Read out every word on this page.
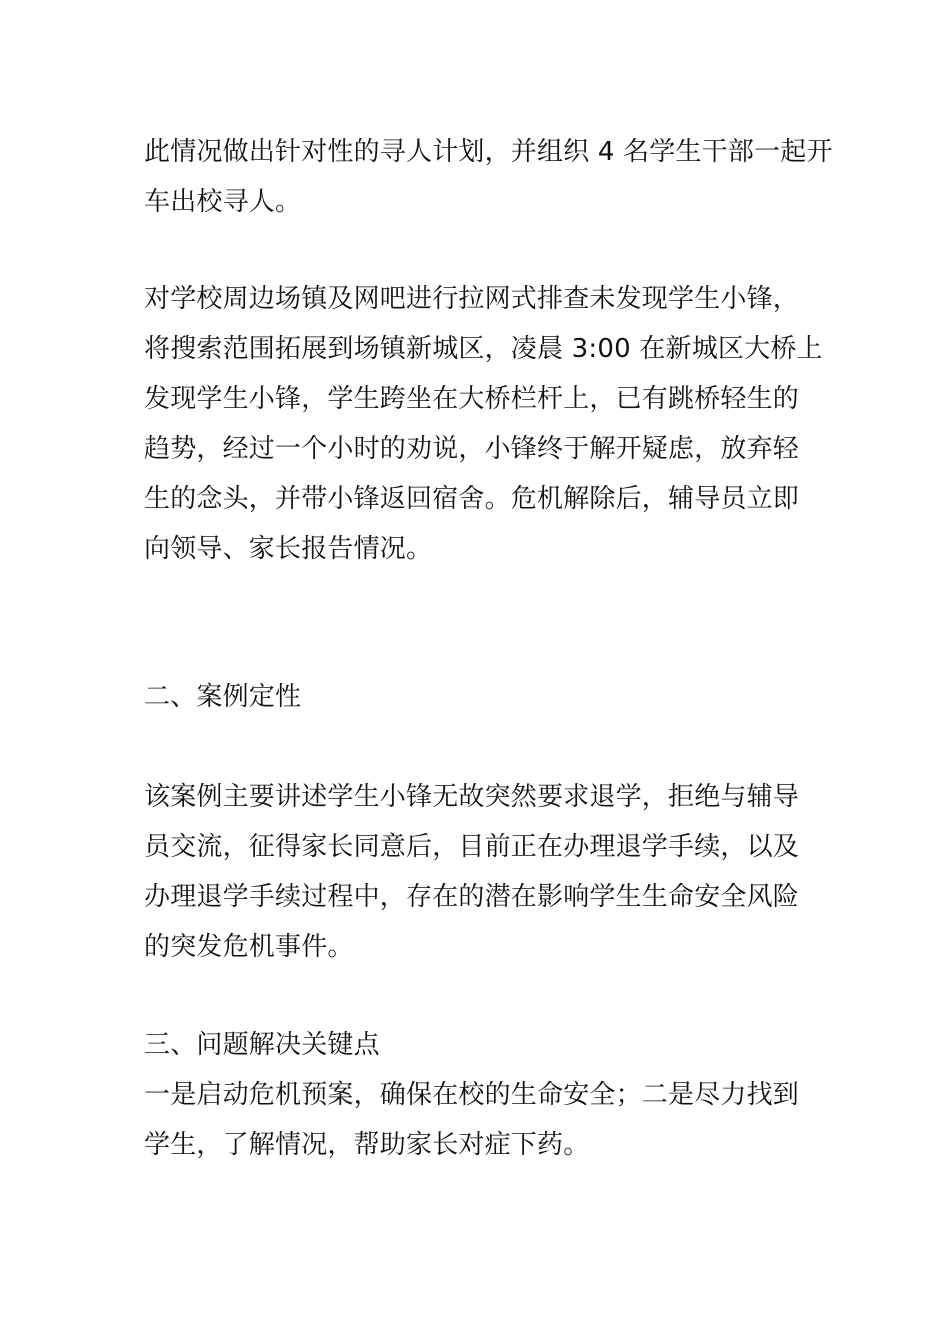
此情况做出针对性的寻人计划，并组织 4 名学生干部一起开
车出校寻人。
对学校周边场镇及网吧进行拉网式排查未发现学生小锋，
将搜索范围拓展到场镇新城区，凌晨 3:00 在新城区大桥上
发现学生小锋，学生跨坐在大桥栏杆上，已有跳桥轻生的
趋势，经过一个小时的劝说，小锋终于解开疑虑，放弃轻
生的念头，并带小锋返回宿舍。危机解除后，辅导员立即
向领导、家长报告情况。
二、案例定性
该案例主要讲述学生小锋无故突然要求退学，拒绝与辅导
员交流，征得家长同意后，目前正在办理退学手续，以及
办理退学手续过程中，存在的潜在影响学生生命安全风险
的突发危机事件。
三、问题解决关键点
一是启动危机预案，确保在校的生命安全；二是尽力找到
学生，了解情况，帮助家长对症下药。
